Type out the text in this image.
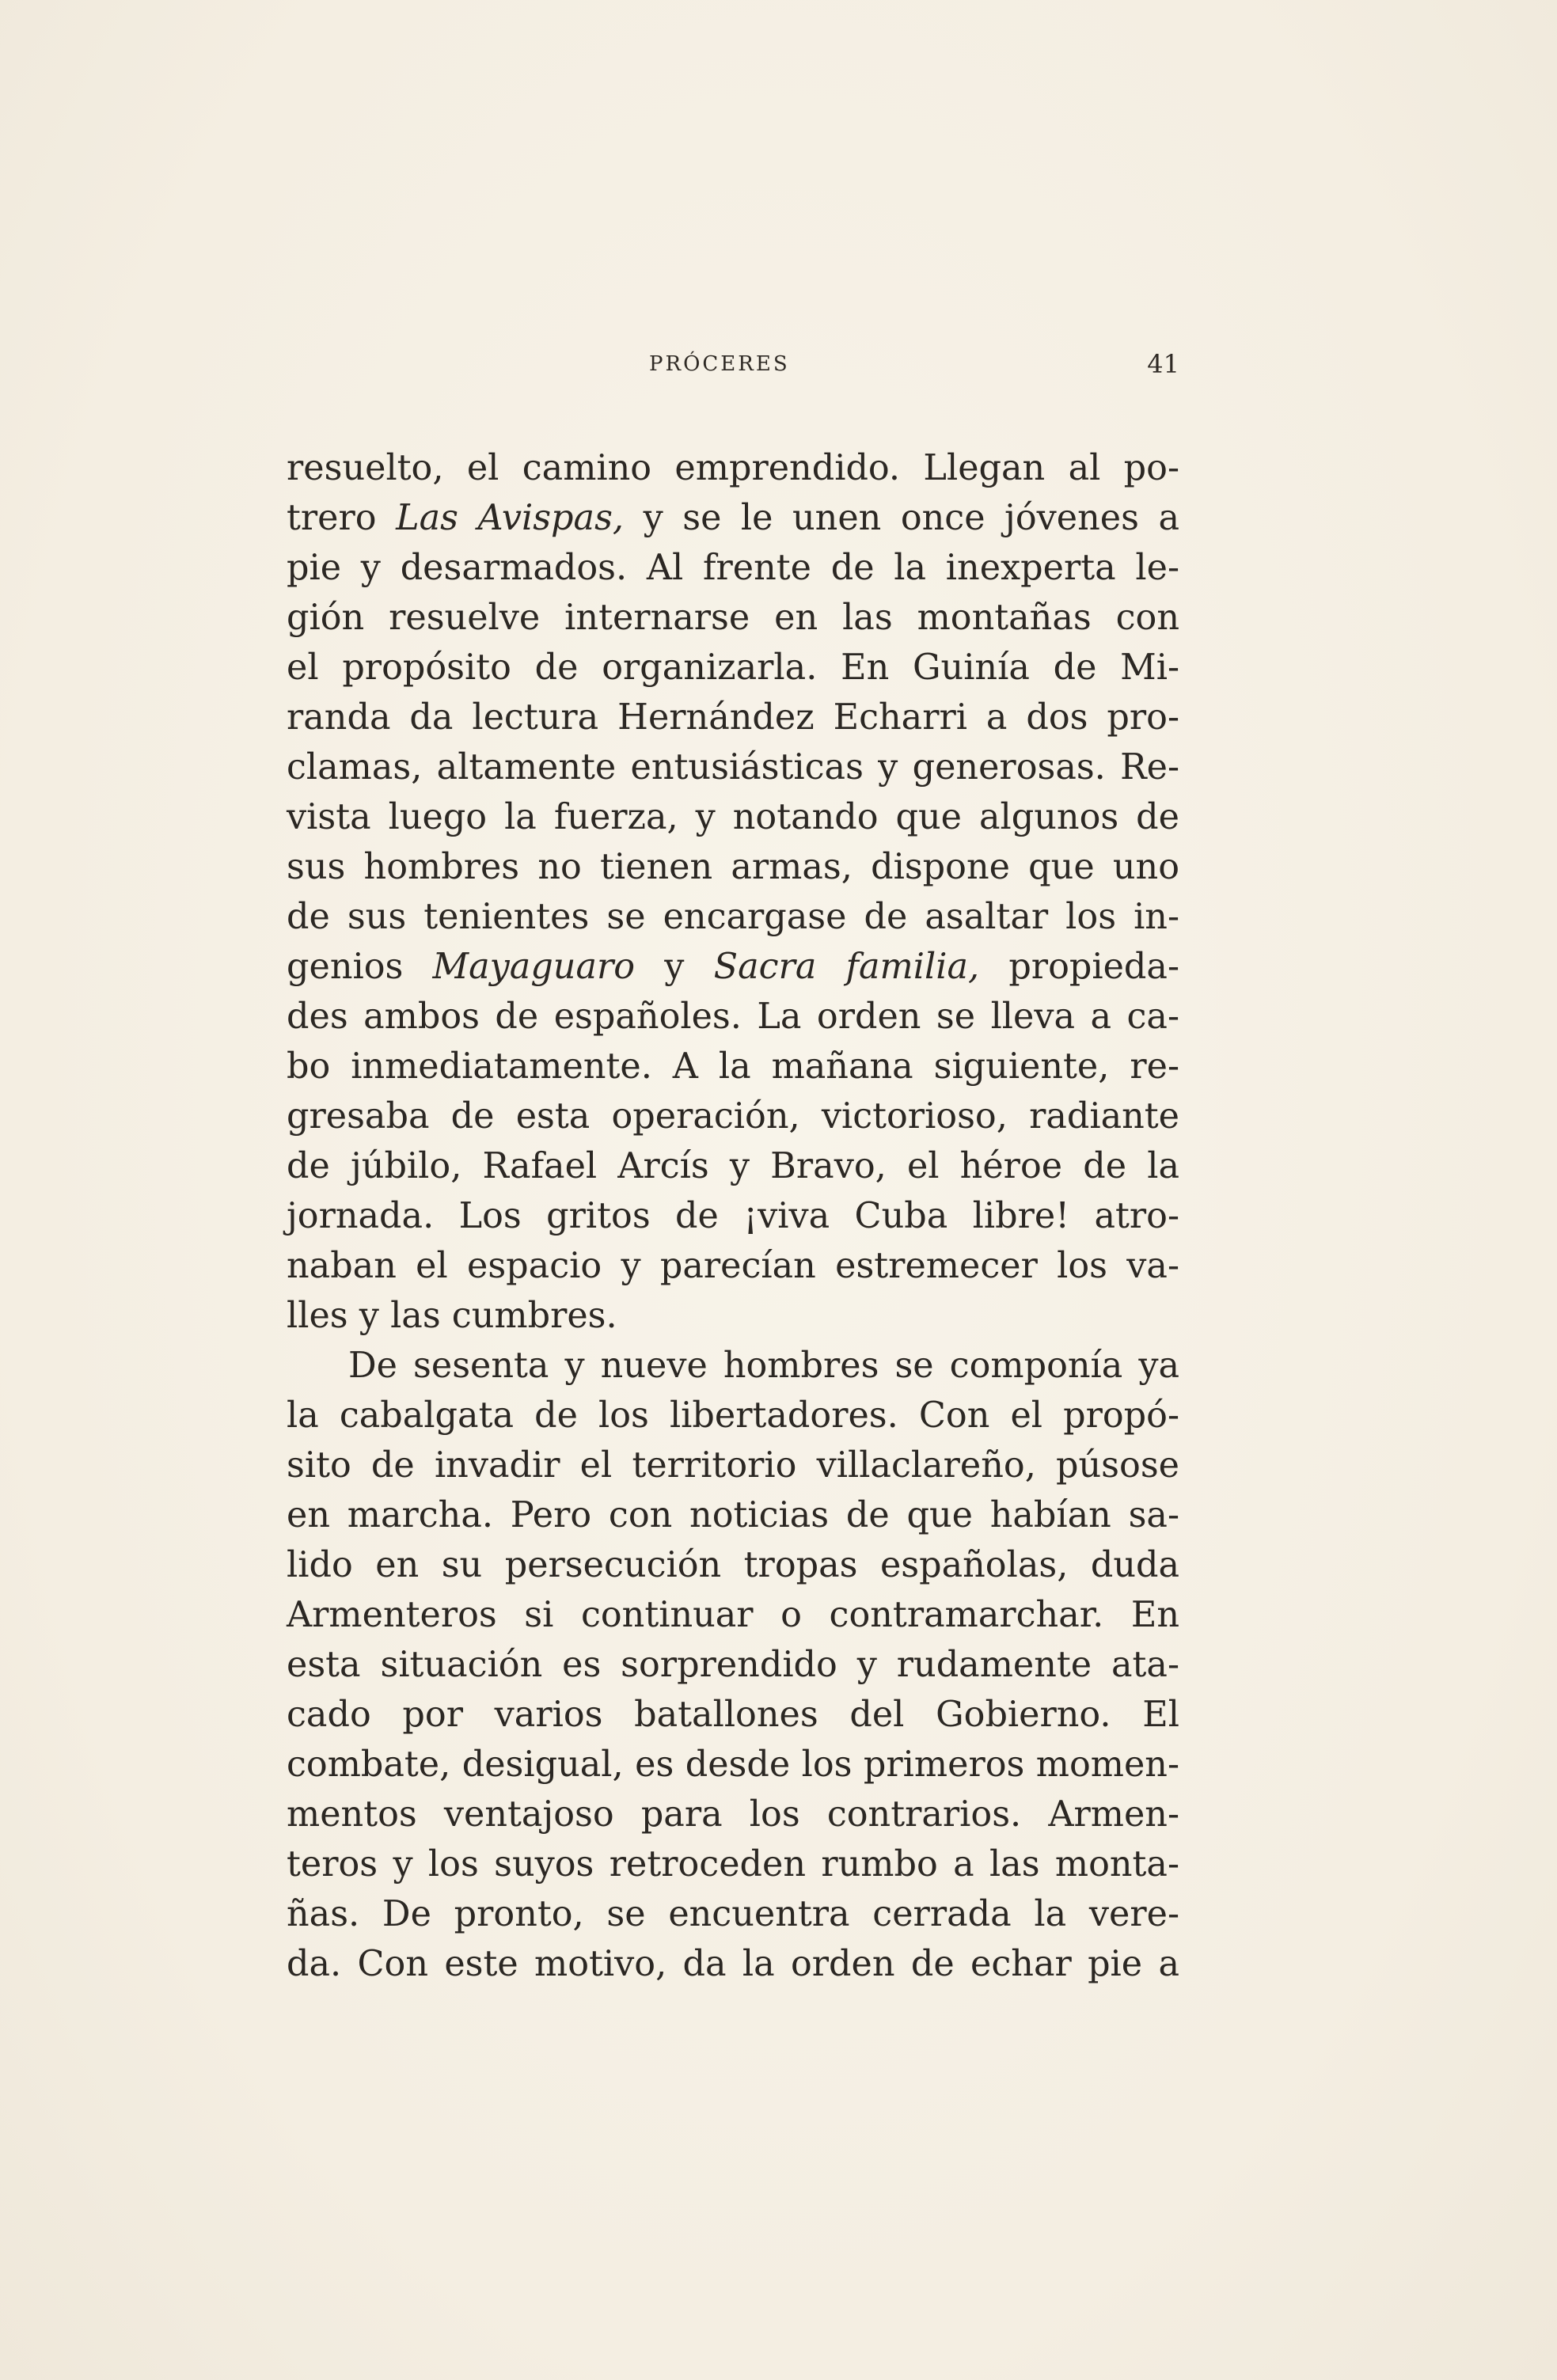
PRÓCERES	41
resuelto, el camino emprendido. Llegan al po-
trero Las Avispas, y se le unen once jóvenes a
pie y desarmados. Al frente de la inexperta le-
gión resuelve internarse en las montañas con
el propósito de organizarla. En Guinía de Mi-
randa da lectura Hernández Echarri a dos pro-
clamas, altamente entusiásticas y generosas. Re-
vista luego la fuerza, y notando que algunos de
sus hombres no tienen armas, dispone que uno
de sus tenientes se encargase de asaltar los in-
genios Mayaguaro y Sacra familia, propieda-
des ambos de españoles. La orden se lleva a ca-
bo inmediatamente. A la mañana siguiente, re-
gresaba de esta operación, victorioso, radiante
de júbilo, Rafael Arcís y Bravo, el héroe de la
jornada. Los gritos de ¡viva Cuba libre! atro-
naban el espacio y parecían estremecer los va-
lles y las cumbres.
De sesenta y nueve hombres se componía ya
la cabalgata de los libertadores. Con el propó-
sito de invadir el territorio villaclareño, púsose
en marcha. Pero con noticias de que habían sa-
lido en su persecución tropas españolas, duda
Armenteros si continuar o contramarchar. En
esta situación es sorprendido y rudamente ata-
cado por varios batallones del Gobierno. El
combate, desigual, es desde los primeros momen-
mentos ventajoso para los contrarios. Armen-
teros y los suyos retroceden rumbo a las monta-
ñas. De pronto, se encuentra cerrada la vere-
da. Con este motivo, da la orden de echar pie a
